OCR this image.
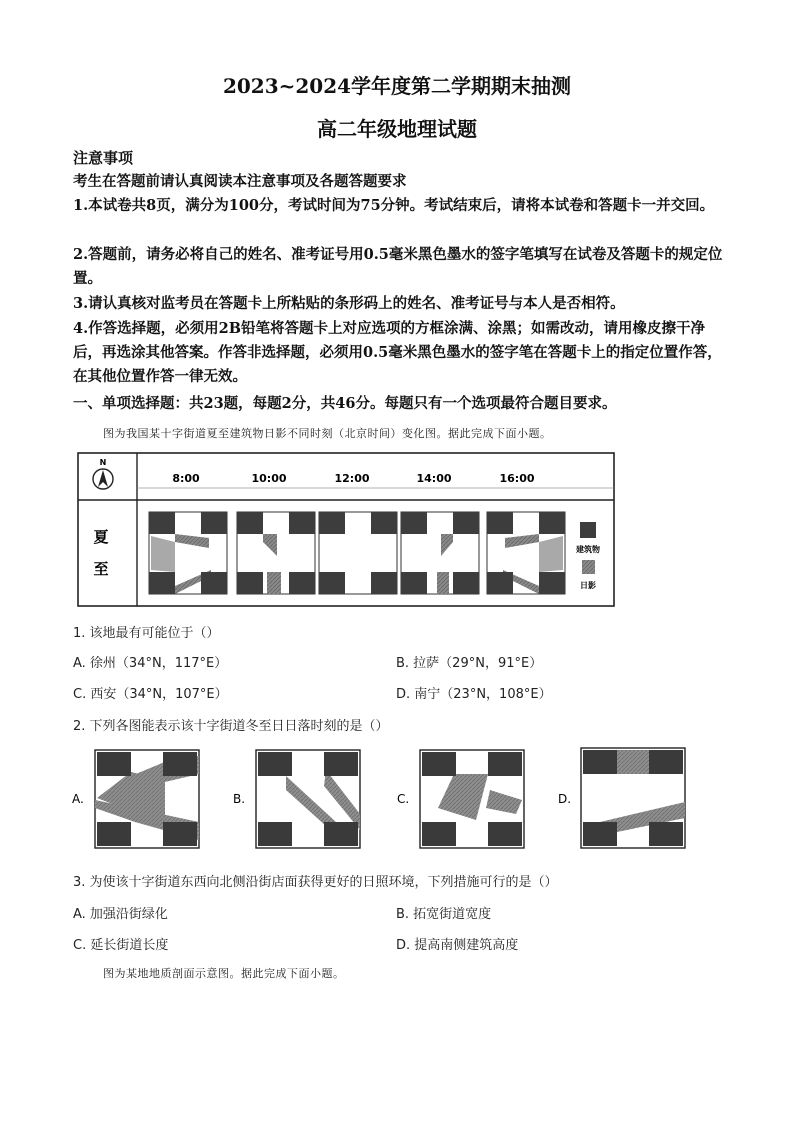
2023~2024学年度第二学期期末抽测
高二年级地理试题
注意事项
考生在答题前请认真阅读本注意事项及各题答题要求
1.本试卷共8页，满分为100分，考试时间为75分钟。考试结束后，请将本试卷和答题卡一并交回。
2.答题前，请务必将自己的姓名、准考证号用0.5毫米黑色墨水的签字笔填写在试卷及答题卡的规定位置。
3.请认真核对监考员在答题卡上所粘贴的条形码上的姓名、准考证号与本人是否相符。
4.作答选择题，必须用2B铅笔将答题卡上对应选项的方框涂满、涂黑；如需改动，请用橡皮擦干净后，再选涂其他答案。作答非选择题，必须用0.5毫米黑色墨水的签字笔在答题卡上的指定位置作答，在其他位置作答一律无效。
一、单项选择题：共23题，每题2分，共46分。每题只有一个选项最符合题目要求。
图为我国某十字街道夏至建筑物日影不同时刻（北京时间）变化图。据此完成下面小题。
N
夏
至
8:00	10:00	12:00	14:00	16:00
建筑物
日影
1. 该地最有可能位于（）
A. 徐州（34°N，117°E）	B. 拉萨（29°N，91°E）
C. 西安（34°N，107°E）	D. 南宁（23°N，108°E）
2. 下列各图能表示该十字街道冬至日日落时刻的是（）
A.	B.	C.	D.
3. 为使该十字街道东西向北侧沿街店面获得更好的日照环境，下列措施可行的是（）
A. 加强沿街绿化	B. 拓宽街道宽度
C. 延长街道长度	D. 提高南侧建筑高度
图为某地地质剖面示意图。据此完成下面小题。
